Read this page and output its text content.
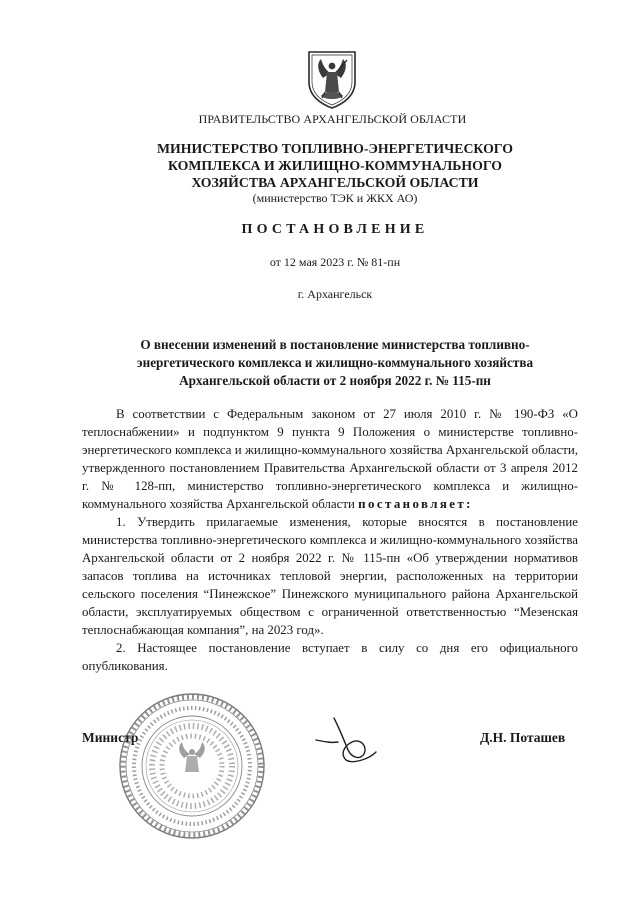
ПРАВИТЕЛЬСТВО АРХАНГЕЛЬСКОЙ ОБЛАСТИ
МИНИСТЕРСТВО ТОПЛИВНО-ЭНЕРГЕТИЧЕСКОГО
КОМПЛЕКСА И ЖИЛИЩНО-КОММУНАЛЬНОГО
ХОЗЯЙСТВА АРХАНГЕЛЬСКОЙ ОБЛАСТИ
(министерство ТЭК и ЖКХ АО)
ПОСТАНОВЛЕНИЕ
от 12 мая 2023 г. № 81-пн
г. Архангельск
О внесении изменений в постановление министерства топливно-
энергетического комплекса и жилищно-коммунального хозяйства
Архангельской области от 2 ноября 2022 г. № 115-пн

В соответствии с Федеральным законом от 27 июля 2010 г. № 190-ФЗ «О теплоснабжении» и подпунктом 9 пункта 9 Положения о министерстве топливно-энергетического комплекса и жилищно-коммунального хозяйства Архангельской области, утвержденного постановлением Правительства Архангельской области от 3 апреля 2012 г. № 128-пп, министерство топливно-энергетического комплекса и жилищно-коммунального хозяйства Архангельской области постановляет:

1. Утвердить прилагаемые изменения, которые вносятся в постановление министерства топливно-энергетического комплекса и жилищно-коммунального хозяйства Архангельской области от 2 ноября 2022 г. № 115-пн «Об утверждении нормативов запасов топлива на источниках тепловой энергии, расположенных на территории сельского поселения “Пинежское” Пинежского муниципального района Архангельской области, эксплуатируемых обществом с ограниченной ответственностью “Мезенская теплоснабжающая компания”, на 2023 год».

2. Настоящее постановление вступает в силу со дня его официального опубликования.

Министр	Д.Н. Поташев
